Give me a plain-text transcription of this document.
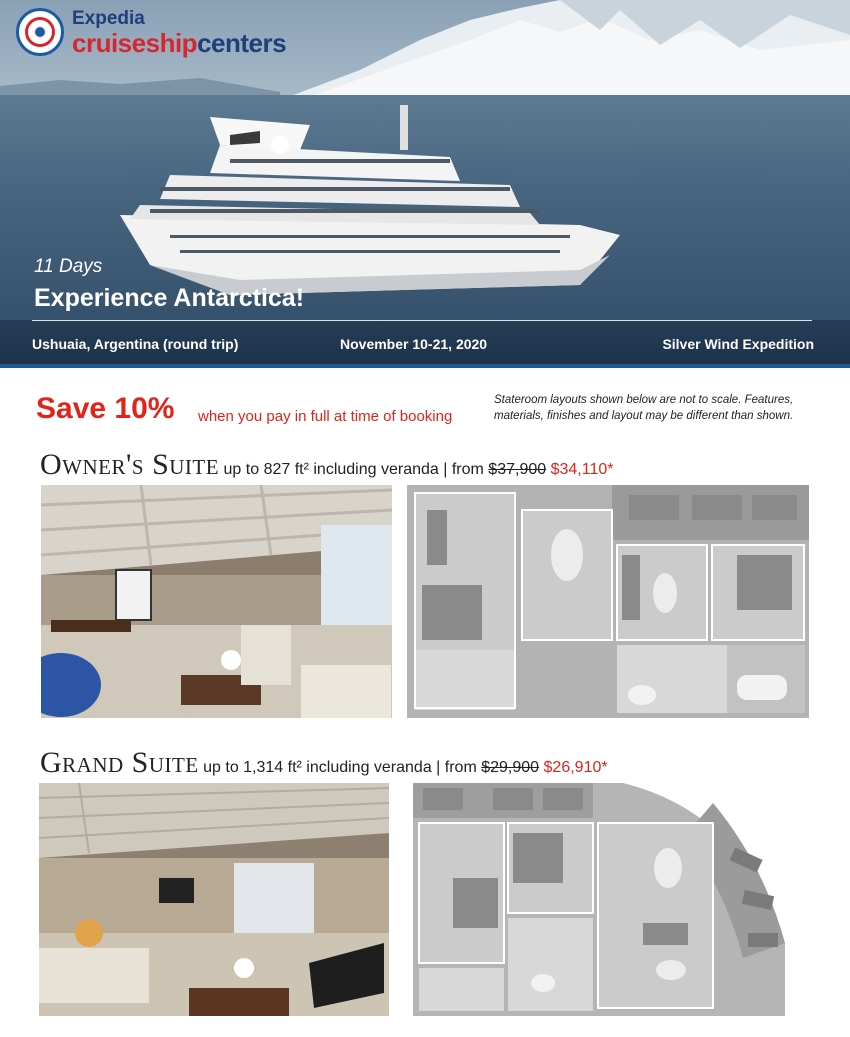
Expedia
cruiseshipcenters
11 Days
Experience Antarctica!
Ushuaia, Argentina (round trip)	November 10-21, 2020	Silver Wind Expedition
Save 10% when you pay in full at time of booking
Stateroom layouts shown below are not to scale. Features, materials, finishes and layout may be different than shown.
Owner's Suite up to 827 ft² including veranda | from $37,900 $34,110*
Grand Suite up to 1,314 ft² including veranda | from $29,900 $26,910*
